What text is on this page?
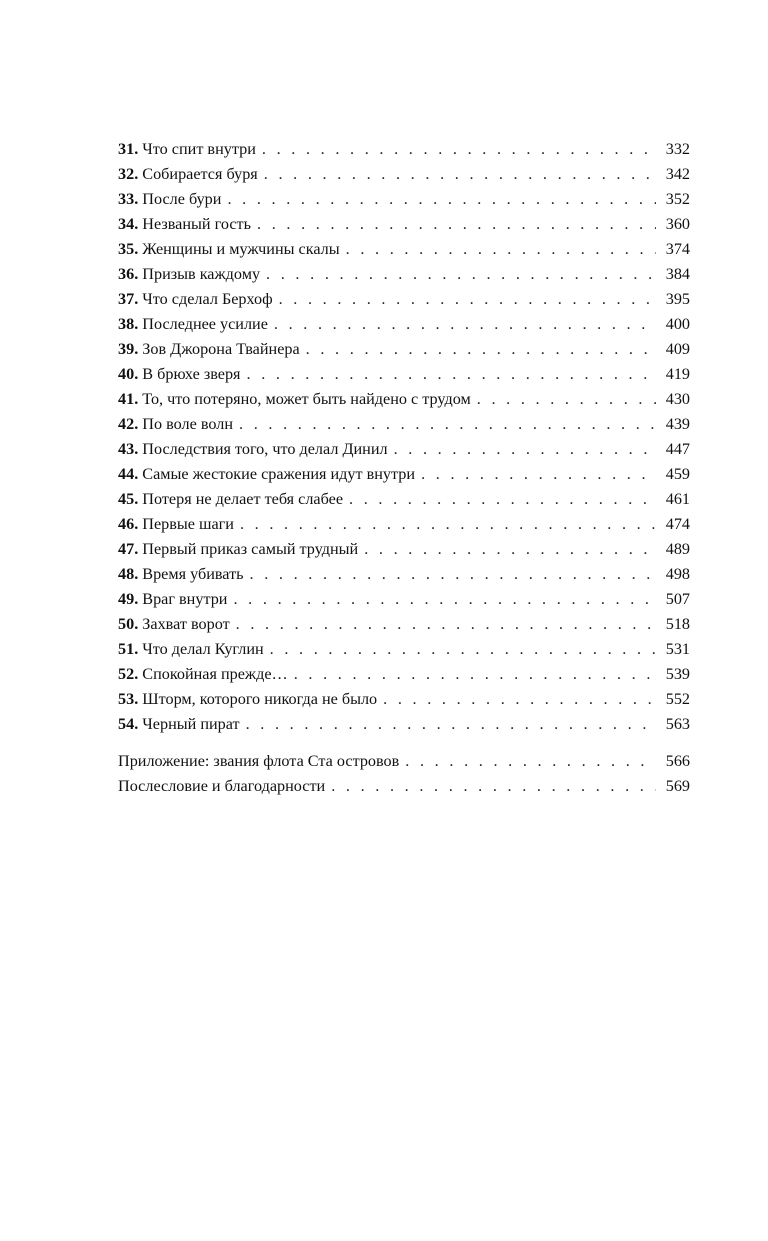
31. Что спит внутри . . .	332
32. Собирается буря . . .	342
33. После бури . . .	352
34. Незваный гость . . .	360
35. Женщины и мужчины скалы . . .	374
36. Призыв каждому . . .	384
37. Что сделал Берхоф . . .	395
38. Последнее усилие . . .	400
39. Зов Джорона Твайнера . . .	409
40. В брюхе зверя . . .	419
41. То, что потеряно, может быть найдено с трудом . . .	430
42. По воле волн . . .	439
43. Последствия того, что делал Динил . . .	447
44. Самые жестокие сражения идут внутри . . .	459
45. Потеря не делает тебя слабее . . .	461
46. Первые шаги . . .	474
47. Первый приказ самый трудный . . .	489
48. Время убивать . . .	498
49. Враг внутри . . .	507
50. Захват ворот . . .	518
51. Что делал Куглин . . .	531
52. Спокойная прежде… . . .	539
53. Шторм, которого никогда не было . . .	552
54. Черный пират . . .	563
Приложение: звания флота Ста островов . . .	566
Послесловие и благодарности . . .	569
